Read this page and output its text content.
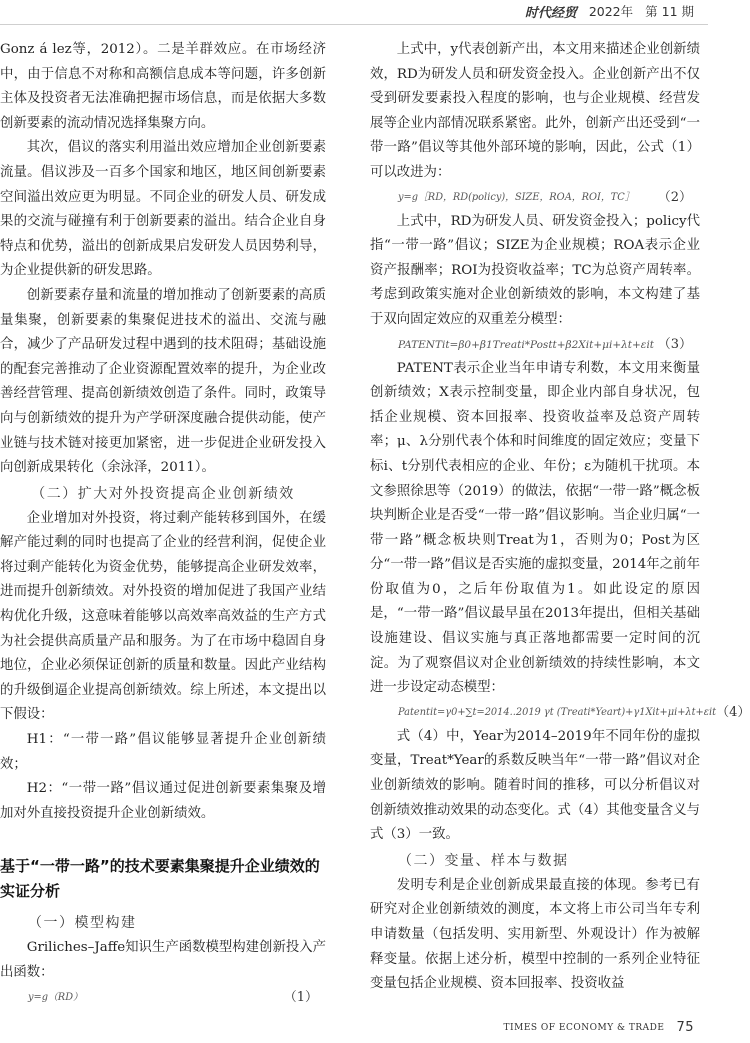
时代经贸 2022年 第 11 期

Gonz á lez等，2012）。二是羊群效应。在市场经济中，由于信息不对称和高额信息成本等问题，许多创新主体及投资者无法准确把握市场信息，而是依据大多数创新要素的流动情况选择集聚方向。

其次，倡议的落实利用溢出效应增加企业创新要素流量。倡议涉及一百多个国家和地区，地区间创新要素空间溢出效应更为明显。不同企业的研发人员、研发成果的交流与碰撞有利于创新要素的溢出。结合企业自身特点和优势，溢出的创新成果启发研发人员因势利导，为企业提供新的研发思路。

创新要素存量和流量的增加推动了创新要素的高质量集聚，创新要素的集聚促进技术的溢出、交流与融合，减少了产品研发过程中遇到的技术阻碍；基础设施的配套完善推动了企业资源配置效率的提升，为企业改善经营管理、提高创新绩效创造了条件。同时，政策导向与创新绩效的提升为产学研深度融合提供动能，使产业链与技术链对接更加紧密，进一步促进企业研发投入向创新成果转化（余泳泽，2011）。

（二）扩大对外投资提高企业创新绩效

企业增加对外投资，将过剩产能转移到国外，在缓解产能过剩的同时也提高了企业的经营利润，促使企业将过剩产能转化为资金优势，能够提高企业研发效率，进而提升创新绩效。对外投资的增加促进了我国产业结构优化升级，这意味着能够以高效率高效益的生产方式为社会提供高质量产品和服务。为了在市场中稳固自身地位，企业必须保证创新的质量和数量。因此产业结构的升级倒逼企业提高创新绩效。综上所述，本文提出以下假设：

H1：“一带一路”倡议能够显著提升企业创新绩效；

H2：“一带一路”倡议通过促进创新要素集聚及增加对外直接投资提升企业创新绩效。

基于“一带一路”的技术要素集聚提升企业绩效的实证分析
（一）模型构建

Griliches–Jaffe知识生产函数模型构建创新投入产出函数：

y=g（RD）	（1）

上式中，y代表创新产出，本文用来描述企业创新绩效，RD为研发人员和研发资金投入。企业创新产出不仅受到研发要素投入程度的影响，也与企业规模、经营发展等企业内部情况联系紧密。此外，创新产出还受到“一带一路”倡议等其他外部环境的影响，因此，公式（1）可以改进为：

y=g［RD，RD(policy)，SIZE，ROA，ROI，TC］ （2）

上式中，RD为研发人员、研发资金投入；policy代指“一带一路”倡议；SIZE为企业规模；ROA表示企业资产报酬率；ROI为投资收益率；TC为总资产周转率。考虑到政策实施对企业创新绩效的影响，本文构建了基于双向固定效应的双重差分模型：

PATENTit=β0+β1Treati*Postt+β2Xit+μi+λt+εit （3）

PATENT表示企业当年申请专利数，本文用来衡量创新绩效；X表示控制变量，即企业内部自身状况，包括企业规模、资本回报率、投资收益率及总资产周转率；μ、λ分别代表个体和时间维度的固定效应；变量下标i、t分别代表相应的企业、年份；ε为随机干扰项。本文参照徐思等（2019）的做法，依据“一带一路”概念板块判断企业是否受“一带一路”倡议影响。当企业归属“一带一路”概念板块则Treat为1，否则为0；Post为区分“一带一路”倡议是否实施的虚拟变量，2014年之前年份取值为0，之后年份取值为1。如此设定的原因是，“一带一路”倡议最早虽在2013年提出，但相关基础设施建设、倡议实施与真正落地都需要一定时间的沉淀。为了观察倡议对企业创新绩效的持续性影响，本文进一步设定动态模型：

Patentit=γ0+∑t=2014..2019 γt (Treati*Yeart)+γ1Xit+μi+λt+εit （4）

式（4）中，Year为2014–2019年不同年份的虚拟变量，Treat*Year的系数反映当年“一带一路”倡议对企业创新绩效的影响。随着时间的推移，可以分析倡议对创新绩效推动效果的动态变化。式（4）其他变量含义与式（3）一致。

（二）变量、样本与数据

发明专利是企业创新成果最直接的体现。参考已有研究对企业创新绩效的测度，本文将上市公司当年专利申请数量（包括发明、实用新型、外观设计）作为被解释变量。依据上述分析，模型中控制的一系列企业特征变量包括企业规模、资本回报率、投资收益

TIMES OF ECONOMY & TRADE 75
